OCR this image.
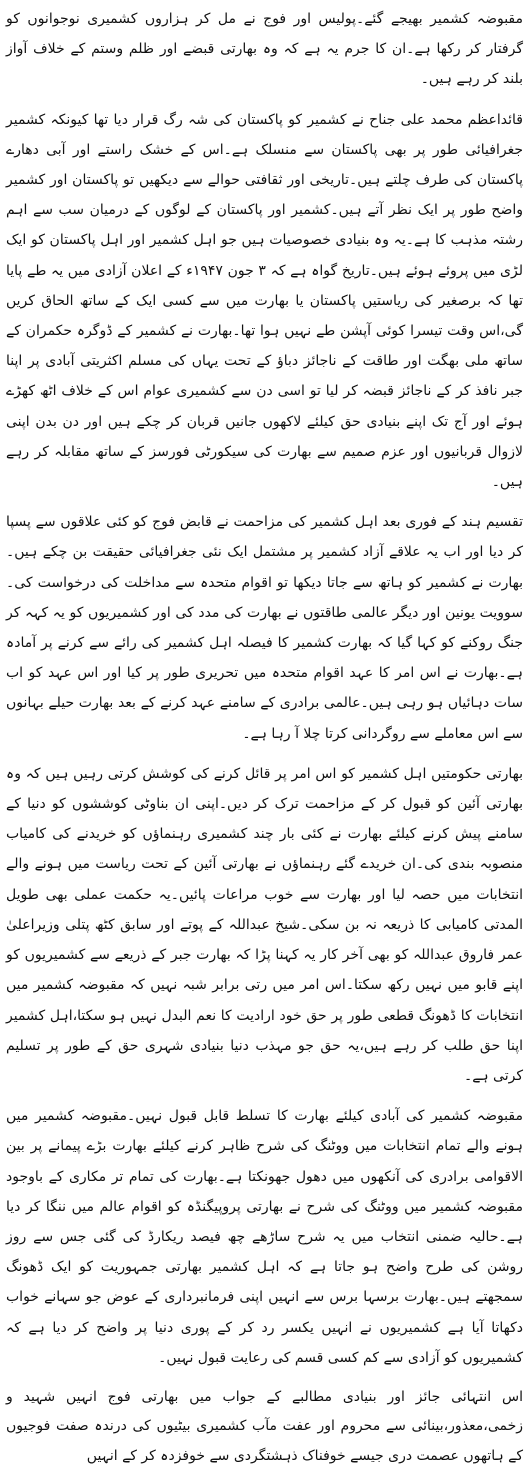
مقبوضہ کشمیر بھیجے گئے۔پولیس اور فوج نے مل کر ہزاروں کشمیری نوجوانوں کو گرفتار کر رکھا ہے۔ان کا جرم یہ ہے کہ وہ بھارتی قبضے اور ظلم وستم کے خلاف آواز بلند کر رہے ہیں۔

قائداعظم محمد علی جناح نے کشمیر کو پاکستان کی شہ رگ قرار دیا تھا کیونکہ کشمیر جغرافیائی طور پر بھی پاکستان سے منسلک ہے۔اس کے خشک راستے اور آبی دھارے پاکستان کی طرف چلتے ہیں۔تاریخی اور ثقافتی حوالے سے دیکھیں تو پاکستان اور کشمیر واضح طور پر ایک نظر آتے ہیں۔کشمیر اور پاکستان کے لوگوں کے درمیان سب سے اہم رشتہ مذہب کا ہے۔یہ وہ بنیادی خصوصیات ہیں جو اہل کشمیر اور اہل پاکستان کو ایک لڑی میں پروئے ہوئے ہیں۔تاریخ گواہ ہے کہ ۳ جون ۱۹۴۷ء کے اعلان آزادی میں یہ طے پایا تھا کہ برصغیر کی ریاستیں پاکستان یا بھارت میں سے کسی ایک کے ساتھ الحاق کریں گی،اس وقت تیسرا کوئی آپشن طے نہیں ہوا تھا۔بھارت نے کشمیر کے ڈوگرہ حکمران کے ساتھ ملی بھگت اور طاقت کے ناجائز دباؤ کے تحت یہاں کی مسلم اکثریتی آبادی پر اپنا جبر نافذ کر کے ناجائز قبضہ کر لیا تو اسی دن سے کشمیری عوام اس کے خلاف اٹھ کھڑے ہوئے اور آج تک اپنے بنیادی حق کیلئے لاکھوں جانیں قربان کر چکے ہیں اور دن بدن اپنی لازوال قربانیوں اور عزم صمیم سے بھارت کی سیکورٹی فورسز کے ساتھ مقابلہ کر رہے ہیں۔

تقسیم ہند کے فوری بعد اہل کشمیر کی مزاحمت نے قابض فوج کو کئی علاقوں سے پسپا کر دیا اور اب یہ علاقے آزاد کشمیر پر مشتمل ایک نئی جغرافیائی حقیقت بن چکے ہیں۔بھارت نے کشمیر کو ہاتھ سے جاتا دیکھا تو اقوام متحدہ سے مداخلت کی درخواست کی۔سوویت یونین اور دیگر عالمی طاقتوں نے بھارت کی مدد کی اور کشمیریوں کو یہ کہہ کر جنگ روکنے کو کہا گیا کہ بھارت کشمیر کا فیصلہ اہل کشمیر کی رائے سے کرنے پر آمادہ ہے۔بھارت نے اس امر کا عہد اقوام متحدہ میں تحریری طور پر کیا اور اس عہد کو اب سات دہائیاں ہو رہی ہیں۔عالمی برادری کے سامنے عہد کرنے کے بعد بھارت حیلے بہانوں سے اس معاملے سے روگردانی کرتا چلا آ رہا ہے۔

بھارتی حکومتیں اہل کشمیر کو اس امر پر قائل کرنے کی کوشش کرتی رہیں ہیں کہ وہ بھارتی آئین کو قبول کر کے مزاحمت ترک کر دیں۔اپنی ان بناوٹی کوششوں کو دنیا کے سامنے پیش کرنے کیلئے بھارت نے کئی بار چند کشمیری رہنماؤں کو خریدنے کی کامیاب منصوبہ بندی کی۔ان خریدے گئے رہنماؤں نے بھارتی آئین کے تحت ریاست میں ہونے والے انتخابات میں حصہ لیا اور بھارت سے خوب مراعات پائیں۔یہ حکمت عملی بھی طویل المدتی کامیابی کا ذریعہ نہ بن سکی۔شیخ عبداللہ کے پوتے اور سابق کٹھ پتلی وزیراعلیٰ عمر فاروق عبداللہ کو بھی آخر کار یہ کہنا پڑا کہ بھارت جبر کے ذریعے سے کشمیریوں کو اپنے قابو میں نہیں رکھ سکتا۔اس امر میں رتی برابر شبہ نہیں کہ مقبوضہ کشمیر میں انتخابات کا ڈھونگ قطعی طور پر حق خود ارادیت کا نعم البدل نہیں ہو سکتا،اہل کشمیر اپنا حق طلب کر رہے ہیں،یہ حق جو مہذب دنیا بنیادی شہری حق کے طور پر تسلیم کرتی ہے۔

مقبوضہ کشمیر کی آبادی کیلئے بھارت کا تسلط قابل قبول نہیں۔مقبوضہ کشمیر میں ہونے والے تمام انتخابات میں ووٹنگ کی شرح ظاہر کرنے کیلئے بھارت بڑے پیمانے پر بین الاقوامی برادری کی آنکھوں میں دھول جھونکتا ہے۔بھارت کی تمام تر مکاری کے باوجود مقبوضہ کشمیر میں ووٹنگ کی شرح نے بھارتی پروپیگنڈہ کو اقوام عالم میں ننگا کر دیا ہے۔حالیہ ضمنی انتخاب میں یہ شرح ساڑھے چھ فیصد ریکارڈ کی گئی جس سے روز روشن کی طرح واضح ہو جاتا ہے کہ اہل کشمیر بھارتی جمہوریت کو ایک ڈھونگ سمجھتے ہیں۔بھارت برسہا برس سے انہیں اپنی فرمانبرداری کے عوض جو سہانے خواب دکھاتا آیا ہے کشمیریوں نے انہیں یکسر رد کر کے پوری دنیا پر واضح کر دیا ہے کہ کشمیریوں کو آزادی سے کم کسی قسم کی رعایت قبول نہیں۔

اس انتہائی جائز اور بنیادی مطالبے کے جواب میں بھارتی فوج انہیں شہید و زخمی،معذور،بینائی سے محروم اور عفت مآب کشمیری بیٹیوں کی درندہ صفت فوجیوں کے ہاتھوں عصمت دری جیسے خوفناک ذہشتگردی سے خوفزدہ کر کے انہیں
